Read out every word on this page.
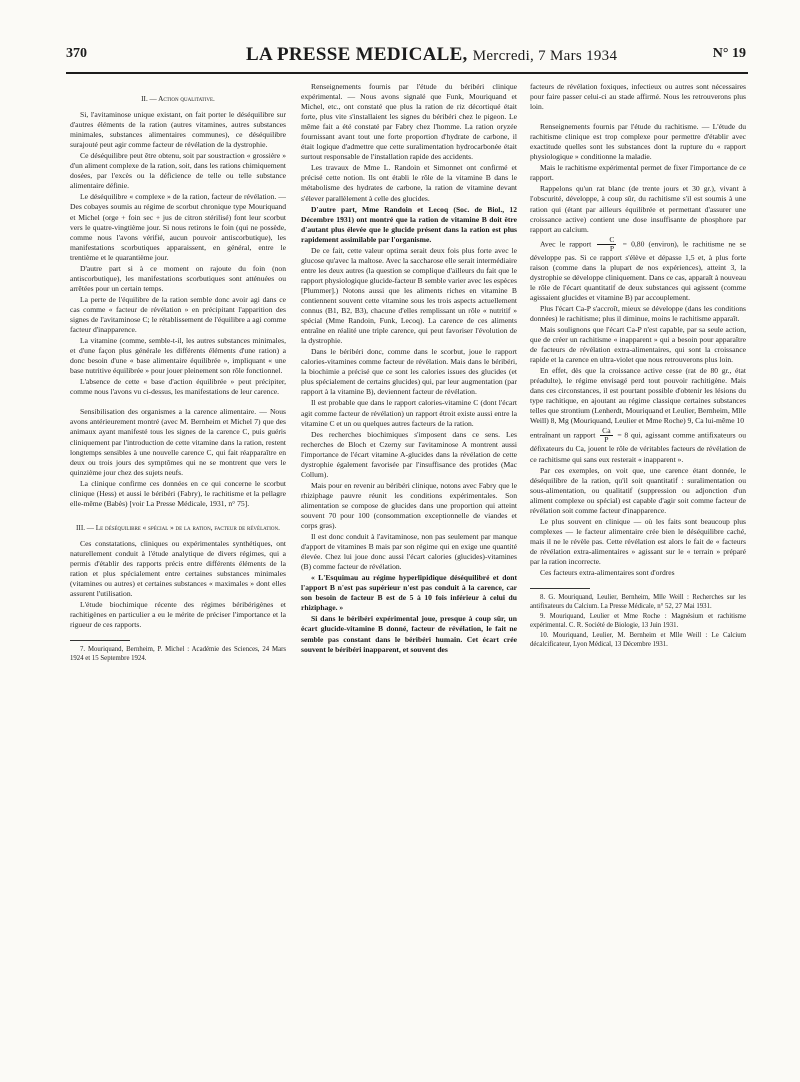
370	LA PRESSE MEDICALE, Mercredi, 7 Mars 1934	N° 19

II. — Action qualitative.

Si, l'avitaminose unique existant, on fait porter le déséquilibre sur d'autres éléments de la ration (autres vitamines, autres substances minimales, substances alimentaires communes), ce déséquilibre surajouté peut agir comme facteur de révélation de la dystrophie.

Ce déséquilibre peut être obtenu, soit par soustraction « grossière » d'un aliment complexe de la ration, soit, dans les rations chimiquement dosées, par l'excès ou la déficience de telle ou telle substance alimentaire définie.

Le déséquilibre « complexe » de la ration, facteur de révélation. — Des cobayes soumis au régime de scorbut chronique type Mouriquand et Michel (orge + foin sec + jus de citron stérilisé) font leur scorbut vers le quatre-vingtième jour. Si nous retirons le foin (qui ne possède, comme nous l'avons vérifié, aucun pouvoir antiscorbutique), les manifestations scorbutiques apparaissent, en général, entre le trentième et le quarantième jour.

D'autre part si à ce moment on rajoute du foin (non antiscorbutique), les manifestations scorbutiques sont atténuées ou arrêtées pour un certain temps.

La perte de l'équilibre de la ration semble donc avoir agi dans ce cas comme « facteur de révélation » en précipitant l'apparition des signes de l'avitaminose C; le rétablissement de l'équilibre a agi comme facteur d'inapparence.

La vitamine (comme, semble-t-il, les autres substances minimales, et d'une façon plus générale les différents éléments d'une ration) a donc besoin d'une « base alimentaire équilibrée », impliquant « une base nutritive équilibrée » pour jouer pleinement son rôle fonctionnel.

L'absence de cette « base d'action équilibrée » peut précipiter, comme nous l'avons vu ci-dessus, les manifestations de leur carence.

Sensibilisation des organismes a la carence alimentaire. — Nous avons antérieurement montré (avec M. Bernheim et Michel 7) que des animaux ayant manifesté tous les signes de la carence C, puis guéris cliniquement par l'introduction de cette vitamine dans la ration, restent longtemps sensibles à une nouvelle carence C, qui fait réapparaître en deux ou trois jours des symptômes qui ne se montrent que vers le quinzième jour chez des sujets neufs.

La clinique confirme ces données en ce qui concerne le scorbut clinique (Hess) et aussi le béribéri (Fabry), le rachitisme et la pellagre elle-même (Babès) [voir La Presse Médicale, 1931, n° 75].

III. — Le déséquilibre « spécial » de la ration, facteur de révélation.

Ces constatations, cliniques ou expérimentales synthétiques, ont naturellement conduit à l'étude analytique de divers régimes, qui a permis d'établir des rapports précis entre différents éléments de la ration et plus spécialement entre certaines substances minimales (vitamines ou autres) et certaines substances « maximales » dont elles assurent l'utilisation.

L'étude biochimique récente des régimes béribérigènes et rachitigènes en particulier a eu le mérite de préciser l'importance et la rigueur de ces rapports.

7. Mouriquand, Bernheim, P. Michel : Académie des Sciences, 24 Mars 1924 et 15 Septembre 1924.

Renseignements fournis par l'étude du béribéri clinique expérimental. — Nous avons signalé que Funk, Mouriquand et Michel, etc., ont constaté que plus la ration de riz décortiqué était forte, plus vite s'installaient les signes du béribéri chez le pigeon. Le même fait a été constaté par Fabry chez l'homme. La ration oryzée fournissant avant tout une forte proportion d'hydrate de carbone, il était logique d'admettre que cette suralimentation hydrocarbonée était surtout responsable de l'installation rapide des accidents.

Les travaux de Mme L. Randoin et Simonnet ont confirmé et précisé cette notion. Ils ont établi le rôle de la vitamine B dans le métabolisme des hydrates de carbone, la ration de vitamine devant s'élever parallèlement à celle des glucides.

D'autre part, Mme Randoin et Lecoq (Soc. de Biol., 12 Décembre 1931) ont montré que la ration de vitamine B doit être d'autant plus élevée que le glucide présent dans la ration est plus rapidement assimilable par l'organisme.

De ce fait, cette valeur optima serait deux fois plus forte avec le glucose qu'avec la maltose. Avec la saccharose elle serait intermédiaire entre les deux autres (la question se complique d'ailleurs du fait que le rapport physiologique glucide-facteur B semble varier avec les espèces [Plummer].) Notons aussi que les aliments riches en vitamine B contiennent souvent cette vitamine sous les trois aspects actuellement connus (B1, B2, B3), chacune d'elles remplissant un rôle « nutritif » spécial (Mme Randoin, Funk, Lecoq). La carence de ces aliments entraîne en réalité une triple carence, qui peut favoriser l'évolution de la dystrophie.

Dans le béribéri donc, comme dans le scorbut, joue le rapport calories-vitamines comme facteur de révélation. Mais dans le béribéri, la biochimie a précisé que ce sont les calories issues des glucides (et plus spécialement de certains glucides) qui, par leur augmentation (par rapport à la vitamine B), deviennent facteur de révélation.

Il est probable que dans le rapport calories-vitamine C (dont l'écart agit comme facteur de révélation) un rapport étroit existe aussi entre la vitamine C et un ou quelques autres facteurs de la ration.

Des recherches biochimiques s'imposent dans ce sens. Les recherches de Bloch et Czerny sur l'avitaminose A montrent aussi l'importance de l'écart vitamine A-glucides dans la révélation de cette dystrophie également favorisée par l'insuffisance des protides (Mac Collum).

Mais pour en revenir au béribéri clinique, notons avec Fabry que le rhiziphage pauvre réunit les conditions expérimentales. Son alimentation se compose de glucides dans une proportion qui atteint souvent 70 pour 100 (consommation exceptionnelle de viandes et corps gras).

Il est donc conduit à l'avitaminose, non pas seulement par manque d'apport de vitamines B mais par son régime qui en exige une quantité élevée. Chez lui joue donc aussi l'écart calories (glucides)-vitamines (B) comme facteur de révélation.

« L'Esquimau au régime hyperlipidique déséquilibré et dont l'apport B n'est pas supérieur n'est pas conduit à la carence, car son besoin de facteur B est de 5 à 10 fois inférieur à celui du rhiziphage. »

Si dans le béribéri expérimental joue, presque à coup sûr, un écart glucide-vitamine B donné, facteur de révélation, le fait ne semble pas constant dans le béribéri humain. Cet écart crée souvent le béribéri inapparent, et souvent des

facteurs de révélation foxiques, infectieux ou autres sont nécessaires pour faire passer celui-ci au stade affirmé. Nous les retrouverons plus loin.

Renseignements fournis par l'étude du rachitisme. — L'étude du rachitisme clinique est trop complexe pour permettre d'établir avec exactitude quelles sont les substances dont la rupture du « rapport physiologique » conditionne la maladie.

Mais le rachitisme expérimental permet de fixer l'importance de ce rapport.

Rappelons qu'un rat blanc (de trente jours et 30 gr.), vivant à l'obscurité, développe, à coup sûr, du rachitisme s'il est soumis à une ration qui (étant par ailleurs équilibrée et permettant d'assurer une croissance active) contient une dose insuffisante de phosphore par rapport au calcium.

Avec le rapport $\frac{C}{P} = 0,80$ (environ), le rachitisme ne se développe pas. Si ce rapport s'élève et dépasse 1,5 et, à plus forte raison (comme dans la plupart de nos expériences), atteint 3, la dystrophie se développe cliniquement. Dans ce cas, apparaît à nouveau le rôle de l'écart quantitatif de deux substances qui agissent (comme agissaient glucides et vitamine B) par accouplement.

Plus l'écart Ca-P s'accroît, mieux se développe (dans les conditions données) le rachitisme; plus il diminue, moins le rachitisme apparaît.

Mais soulignons que l'écart Ca-P n'est capable, par sa seule action, que de créer un rachitisme « inapparent » qui a besoin pour apparaître de facteurs de révélation extra-alimentaires, qui sont la croissance rapide et la carence en ultra-violet que nous retrouverons plus loin.

En effet, dès que la croissance active cesse (rat de 80 gr., état préadulte), le régime envisagé perd tout pouvoir rachitigène. Mais dans ces circonstances, il est pourtant possible d'obtenir les lésions du type rachitique, en ajoutant au régime classique certaines substances telles que strontium (Lenherdt, Mouriquand et Leulier, Bernheim, Mlle Weill) 8, Mg (Mouriquand, Leulier et Mme Roche) 9, Ca lui-même 10

entraînant un rapport $\frac{Ca}{P} = 8$ qui, agissant comme antifixateurs ou défixateurs du Ca, jouent le rôle de véritables facteurs de révélation de ce rachitisme qui sans eux resterait « inapparent ».

Par ces exemples, on voit que, une carence étant donnée, le déséquilibre de la ration, qu'il soit quantitatif : suralimentation ou sous-alimentation, ou qualitatif (suppression ou adjonction d'un aliment complexe ou spécial) est capable d'agir soit comme facteur de révélation soit comme facteur d'inapparence.

Le plus souvent en clinique — où les faits sont beaucoup plus complexes — le facteur alimentaire crée bien le déséquilibre caché, mais il ne le révèle pas. Cette révélation est alors le fait de « facteurs de révélation extra-alimentaires » agissant sur le « terrain » préparé par la ration incorrecte.

Ces facteurs extra-alimentaires sont d'ordres

8. G. Mouriquand, Leulier, Bernheim, Mlle Weill : Recherches sur les antifixateurs du Calcium. La Presse Médicale, n° 52, 27 Mai 1931.

9. Mouriquand, Leulier et Mme Roche : Magnésium et rachitisme expérimental. C. R. Société de Biologie, 13 Juin 1931.

10. Mouriquand, Leulier, M. Bernheim et Mlle Weill : Le Calcium décalcificateur, Lyon Médical, 13 Décembre 1931.
